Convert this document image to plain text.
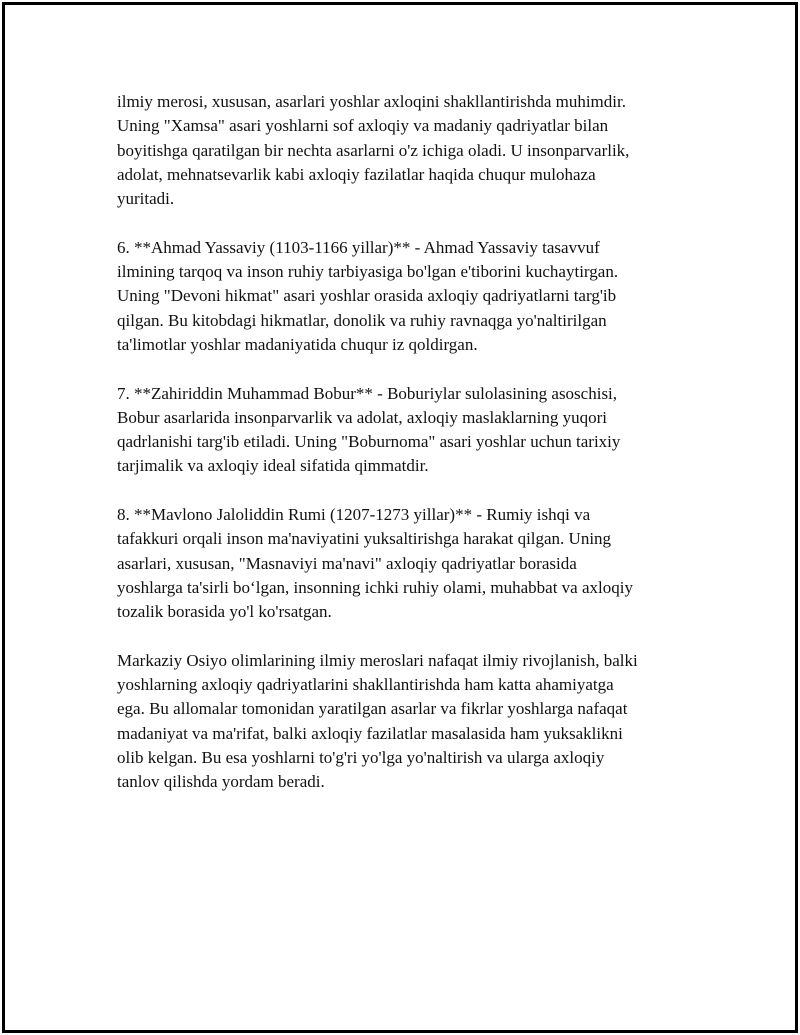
ilmiy merosi, xususan, asarlari yoshlar axloqini shakllantirishda muhimdir.
Uning "Xamsa" asari yoshlarni sof axloqiy va madaniy qadriyatlar bilan
boyitishga qaratilgan bir nechta asarlarni o'z ichiga oladi. U insonparvarlik,
adolat, mehnatsevarlik kabi axloqiy fazilatlar haqida chuqur mulohaza
yuritadi.

6. **Ahmad Yassaviy (1103-1166 yillar)** - Ahmad Yassaviy tasavvuf
ilmining tarqoq va inson ruhiy tarbiyasiga bo'lgan e'tiborini kuchaytirgan.
Uning "Devoni hikmat" asari yoshlar orasida axloqiy qadriyatlarni targ'ib
qilgan. Bu kitobdagi hikmatlar, donolik va ruhiy ravnaqga yo'naltirilgan
ta'limotlar yoshlar madaniyatida chuqur iz qoldirgan.

7. **Zahiriddin Muhammad Bobur** - Boburiylar sulolasining asoschisi,
Bobur asarlarida insonparvarlik va adolat, axloqiy maslaklarning yuqori
qadrlanishi targ'ib etiladi. Uning "Boburnoma" asari yoshlar uchun tarixiy
tarjimalik va axloqiy ideal sifatida qimmatdir.

8. **Mavlono Jaloliddin Rumi (1207-1273 yillar)** - Rumiy ishqi va
tafakkuri orqali inson ma'naviyatini yuksaltirishga harakat qilgan. Uning
asarlari, xususan, "Masnaviyi ma'navi" axloqiy qadriyatlar borasida
yoshlarga ta'sirli bo‘lgan, insonning ichki ruhiy olami, muhabbat va axloqiy
tozalik borasida yo'l ko'rsatgan.

Markaziy Osiyo olimlarining ilmiy meroslari nafaqat ilmiy rivojlanish, balki
yoshlarning axloqiy qadriyatlarini shakllantirishda ham katta ahamiyatga
ega. Bu allomalar tomonidan yaratilgan asarlar va fikrlar yoshlarga nafaqat
madaniyat va ma'rifat, balki axloqiy fazilatlar masalasida ham yuksaklikni
olib kelgan. Bu esa yoshlarni to'g'ri yo'lga yo'naltirish va ularga axloqiy
tanlov qilishda yordam beradi.
